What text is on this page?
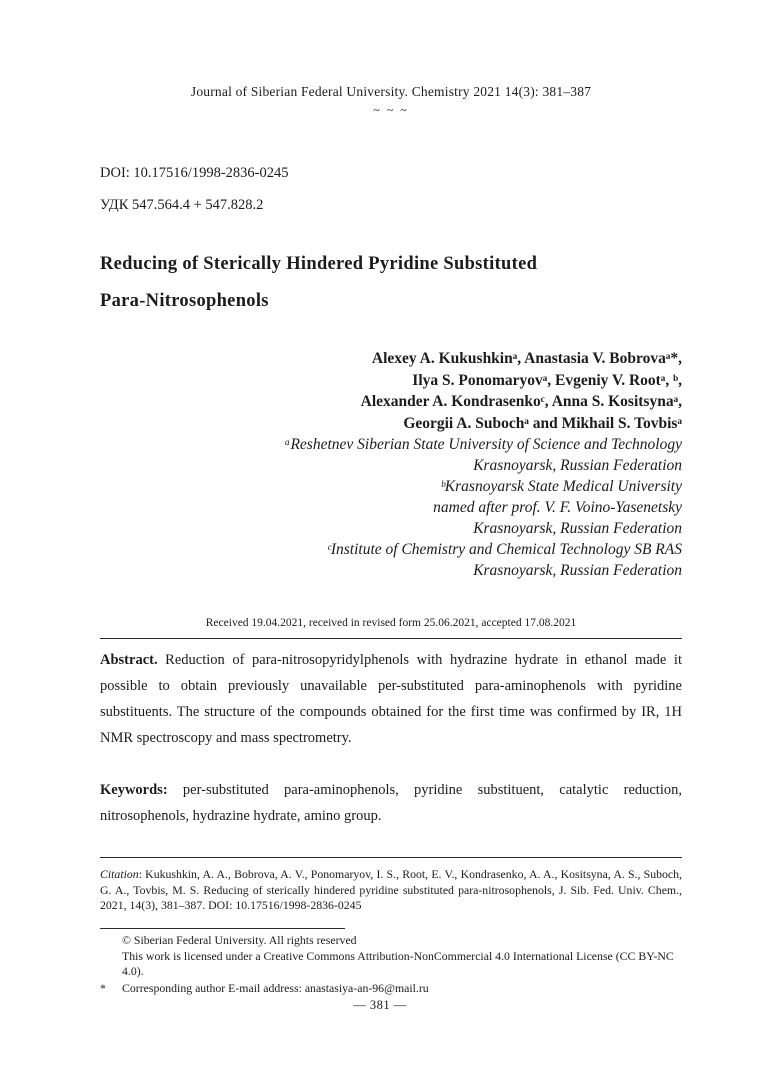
Journal of Siberian Federal University. Chemistry 2021 14(3): 381–387
~ ~ ~
DOI: 10.17516/1998-2836-0245
УДК 547.564.4 + 547.828.2
Reducing of Sterically Hindered Pyridine Substituted
Para-Nitrosophenols
Alexey A. Kukushkinᵃ, Anastasia V. Bobrovaᵃ*,
Ilya S. Ponomaryovᵃ, Evgeniy V. Rootᵃ, ᵇ,
Alexander A. Kondrasenkoᶜ, Anna S. Kositsynaᵃ,
Georgii A. Subochᵃ and Mikhail S. Tovbisᵃ
ᵃReshetnev Siberian State University of Science and Technology
Krasnoyarsk, Russian Federation
ᵇKrasnoyarsk State Medical University
named after prof. V. F. Voino-Yasenetsky
Krasnoyarsk, Russian Federation
ᶜInstitute of Chemistry and Chemical Technology SB RAS
Krasnoyarsk, Russian Federation
Received 19.04.2021, received in revised form 25.06.2021, accepted 17.08.2021

Abstract. Reduction of para-nitrosopyridylphenols with hydrazine hydrate in ethanol made it possible to obtain previously unavailable per-substituted para-aminophenols with pyridine substituents. The structure of the compounds obtained for the first time was confirmed by IR, 1H NMR spectroscopy and mass spectrometry.

Keywords: per-substituted para-aminophenols, pyridine substituent, catalytic reduction, nitrosophenols, hydrazine hydrate, amino group.

Citation: Kukushkin, A. A., Bobrova, A. V., Ponomaryov, I. S., Root, E. V., Kondrasenko, A. A., Kositsyna, A. S., Suboch, G. A., Tovbis, M. S. Reducing of sterically hindered pyridine substituted para-nitrosophenols, J. Sib. Fed. Univ. Chem., 2021, 14(3), 381–387. DOI: 10.17516/1998-2836-0245

© Siberian Federal University. All rights reserved
This work is licensed under a Creative Commons Attribution-NonCommercial 4.0 International License (CC BY-NC 4.0).
* Corresponding author E-mail address: anastasiya-an-96@mail.ru
— 381 —
